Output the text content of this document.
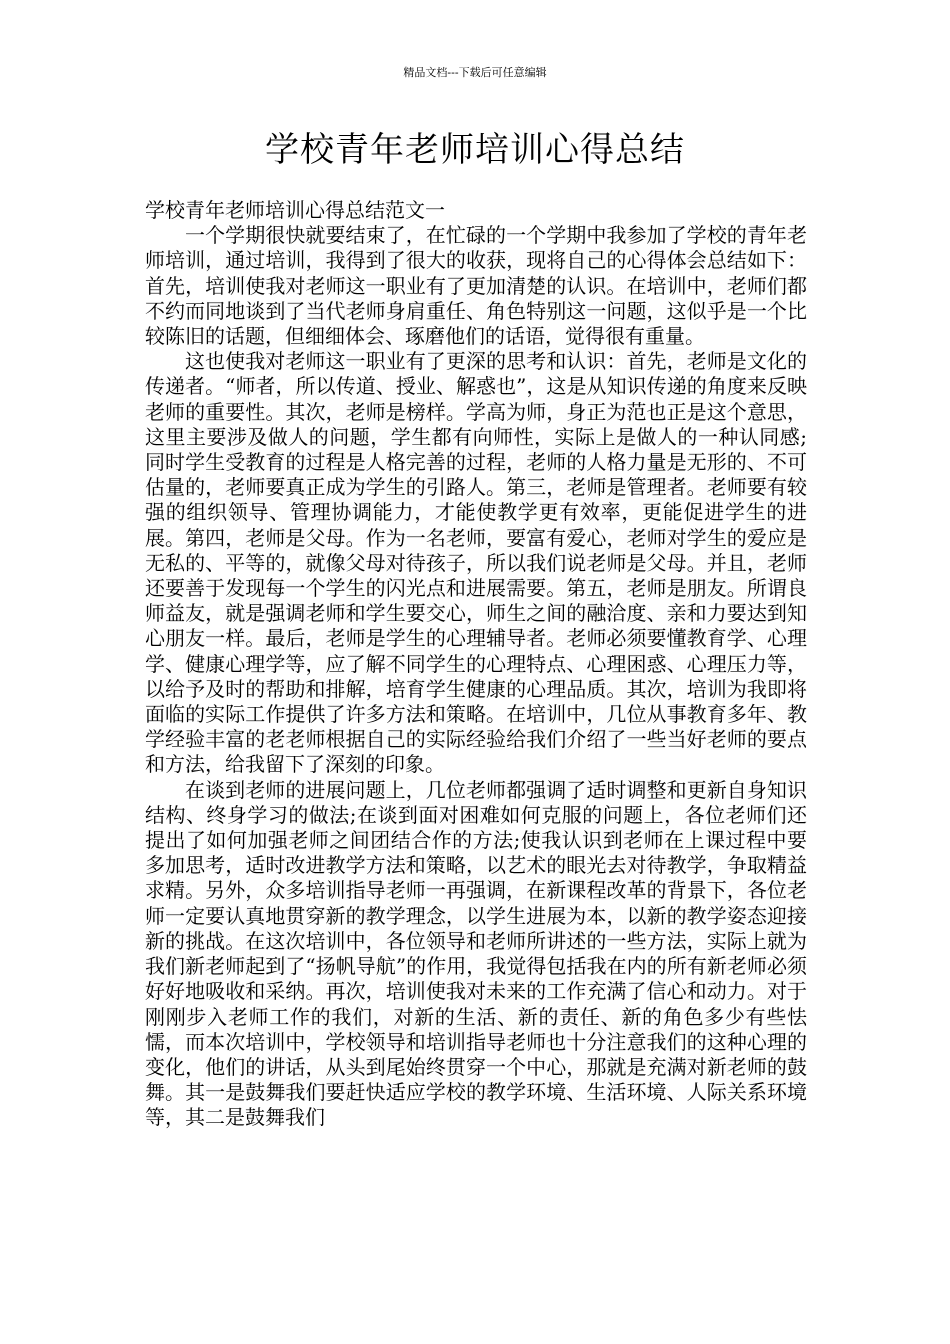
精品文档---下载后可任意编辑
学校青年老师培训心得总结

学校青年老师培训心得总结范文一

一个学期很快就要结束了，在忙碌的一个学期中我参加了学校的青年老师培训，通过培训，我得到了很大的收获，现将自己的心得体会总结如下：首先，培训使我对老师这一职业有了更加清楚的认识。在培训中，老师们都不约而同地谈到了当代老师身肩重任、角色特别这一问题，这似乎是一个比较陈旧的话题，但细细体会、琢磨他们的话语，觉得很有重量。

这也使我对老师这一职业有了更深的思考和认识：首先，老师是文化的传递者。“师者，所以传道、授业、解惑也”，这是从知识传递的角度来反映老师的重要性。其次，老师是榜样。学高为师，身正为范也正是这个意思，这里主要涉及做人的问题，学生都有向师性，实际上是做人的一种认同感;同时学生受教育的过程是人格完善的过程，老师的人格力量是无形的、不可估量的，老师要真正成为学生的引路人。第三，老师是管理者。老师要有较强的组织领导、管理协调能力，才能使教学更有效率，更能促进学生的进展。第四，老师是父母。作为一名老师，要富有爱心，老师对学生的爱应是无私的、平等的，就像父母对待孩子，所以我们说老师是父母。并且，老师还要善于发现每一个学生的闪光点和进展需要。第五，老师是朋友。所谓良师益友，就是强调老师和学生要交心，师生之间的融洽度、亲和力要达到知心朋友一样。最后，老师是学生的心理辅导者。老师必须要懂教育学、心理学、健康心理学等，应了解不同学生的心理特点、心理困惑、心理压力等，以给予及时的帮助和排解，培育学生健康的心理品质。其次，培训为我即将面临的实际工作提供了许多方法和策略。在培训中，几位从事教育多年、教学经验丰富的老老师根据自己的实际经验给我们介绍了一些当好老师的要点和方法，给我留下了深刻的印象。

在谈到老师的进展问题上，几位老师都强调了适时调整和更新自身知识结构、终身学习的做法;在谈到面对困难如何克服的问题上，各位老师们还提出了如何加强老师之间团结合作的方法;使我认识到老师在上课过程中要多加思考，适时改进教学方法和策略，以艺术的眼光去对待教学，争取精益求精。另外，众多培训指导老师一再强调，在新课程改革的背景下，各位老师一定要认真地贯穿新的教学理念，以学生进展为本，以新的教学姿态迎接新的挑战。在这次培训中，各位领导和老师所讲述的一些方法，实际上就为我们新老师起到了“扬帆导航”的作用，我觉得包括我在内的所有新老师必须好好地吸收和采纳。再次，培训使我对未来的工作充满了信心和动力。对于刚刚步入老师工作的我们，对新的生活、新的责任、新的角色多少有些怯懦，而本次培训中，学校领导和培训指导老师也十分注意我们的这种心理的变化，他们的讲话，从头到尾始终贯穿一个中心，那就是充满对新老师的鼓舞。其一是鼓舞我们要赶快适应学校的教学环境、生活环境、人际关系环境等，其二是鼓舞我们
